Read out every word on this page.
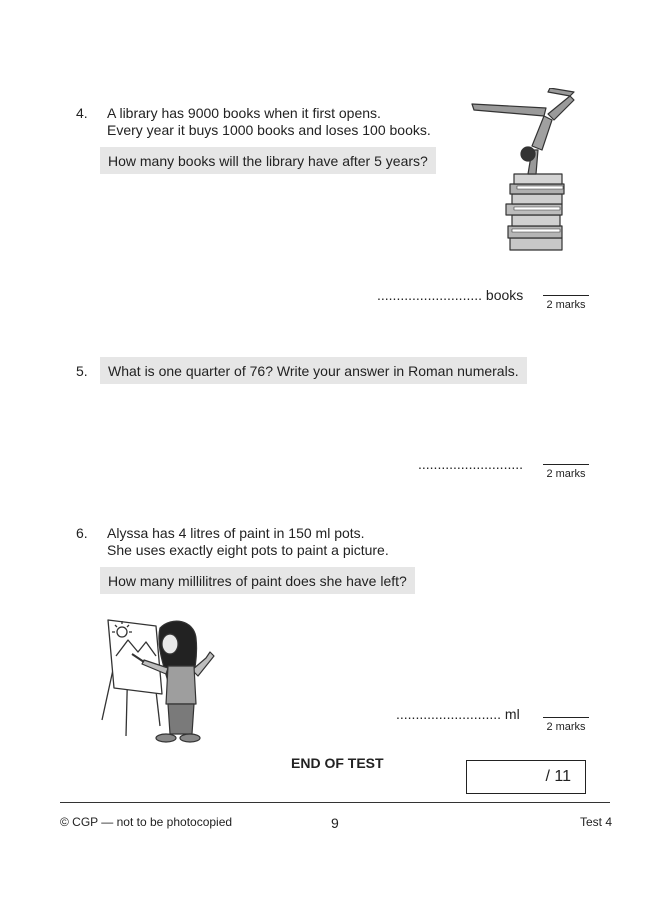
4. A library has 9000 books when it first opens.
Every year it buys 1000 books and loses 100 books.
How many books will the library have after 5 years?
........................... books
2 marks
5.	What is one quarter of 76? Write your answer in Roman numerals.
...........................
2 marks
6. Alyssa has 4 litres of paint in 150 ml pots.
She uses exactly eight pots to paint a picture.
How many millilitres of paint does she have left?
........................... ml
2 marks
END OF TEST
/ 11
© CGP — not to be photocopied	9	Test 4
